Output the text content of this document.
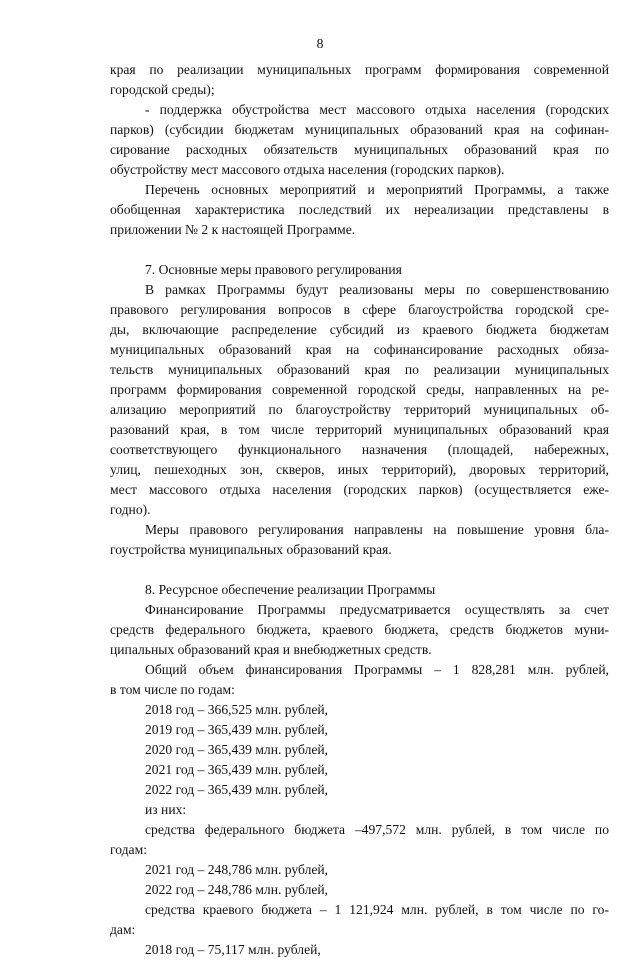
8
края по реализации муниципальных программ формирования современной
городской среды);
- поддержка обустройства мест массового отдыха населения (городских
парков) (субсидии бюджетам муниципальных образований края на софинан-
сирование расходных обязательств муниципальных образований края по
обустройству мест массового отдыха населения (городских парков).
Перечень основных мероприятий и мероприятий Программы, а также
обобщенная характеристика последствий их нереализации представлены в
приложении № 2 к настоящей Программе.
7. Основные меры правового регулирования
В рамках Программы будут реализованы меры по совершенствованию
правового регулирования вопросов в сфере благоустройства городской сре-
ды, включающие распределение субсидий из краевого бюджета бюджетам
муниципальных образований края на софинансирование расходных обяза-
тельств муниципальных образований края по реализации муниципальных
программ формирования современной городской среды, направленных на ре-
ализацию мероприятий по благоустройству территорий муниципальных об-
разований края, в том числе территорий муниципальных образований края
соответствующего функционального назначения (площадей, набережных,
улиц, пешеходных зон, скверов, иных территорий), дворовых территорий,
мест массового отдыха населения (городских парков) (осуществляется еже-
годно).
Меры правового регулирования направлены на повышение уровня бла-
гоустройства муниципальных образований края.
8. Ресурсное обеспечение реализации Программы
Финансирование Программы предусматривается осуществлять за счет
средств федерального бюджета, краевого бюджета, средств бюджетов муни-
ципальных образований края и внебюджетных средств.
Общий объем финансирования Программы – 1 828,281 млн. рублей,
в том числе по годам:
2018 год – 366,525 млн. рублей,
2019 год – 365,439 млн. рублей,
2020 год – 365,439 млн. рублей,
2021 год – 365,439 млн. рублей,
2022 год – 365,439 млн. рублей,
из них:
средства федерального бюджета –497,572 млн. рублей, в том числе по
годам:
2021 год – 248,786 млн. рублей,
2022 год – 248,786 млн. рублей,
средства краевого бюджета – 1 121,924 млн. рублей, в том числе по го-
дам:
2018 год – 75,117 млн. рублей,
